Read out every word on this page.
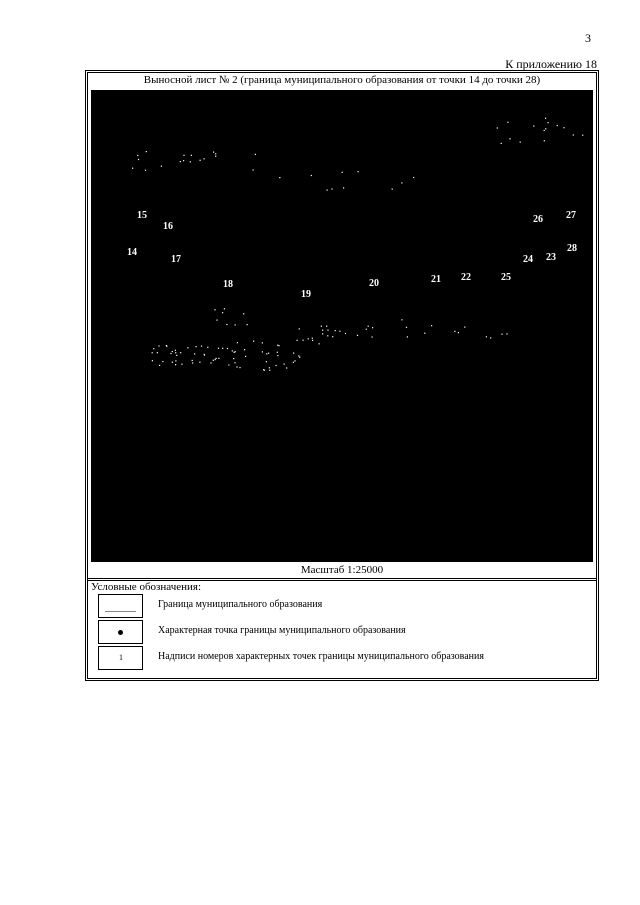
3
К приложению 18
Выносной лист № 2 (граница муниципального образования от точки 14 до точки 28)
14
15
16
17
18
19
20	21 22
23
24
25
26 27
28
Масштаб 1:25000
Условные обозначения:
Граница муниципального образования
Характерная точка границы муниципального образования
1	Надписи номеров характерных точек границы муниципального образования
